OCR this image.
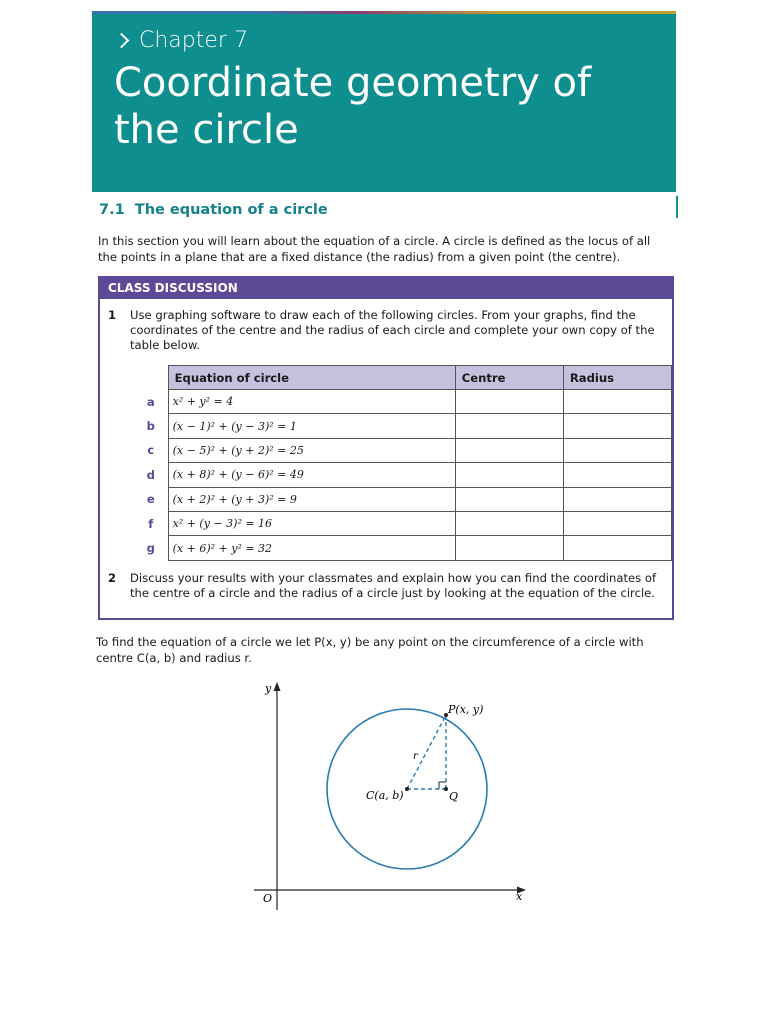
Chapter 7
Coordinate geometry of the circle
7.1 The equation of a circle
In this section you will learn about the equation of a circle. A circle is defined as the locus of all the points in a plane that are a fixed distance (the radius) from a given point (the centre).
CLASS DISCUSSION
1 Use graphing software to draw each of the following circles. From your graphs, find the coordinates of the centre and the radius of each circle and complete your own copy of the table below.
	Equation of circle	Centre	Radius
a	x² + y² = 4		
b	(x − 1)² + (y − 3)² = 1		
c	(x − 5)² + (y + 2)² = 25		
d	(x + 8)² + (y − 6)² = 49		
e	(x + 2)² + (y + 3)² = 9		
f	x² + (y − 3)² = 16		
g	(x + 6)² + y² = 32		
2 Discuss your results with your classmates and explain how you can find the coordinates of the centre of a circle and the radius of a circle just by looking at the equation of the circle.
To find the equation of a circle we let P(x, y) be any point on the circumference of a circle with centre C(a, b) and radius r.
y
x
O
P(x, y)
C(a, b)	Q
r
